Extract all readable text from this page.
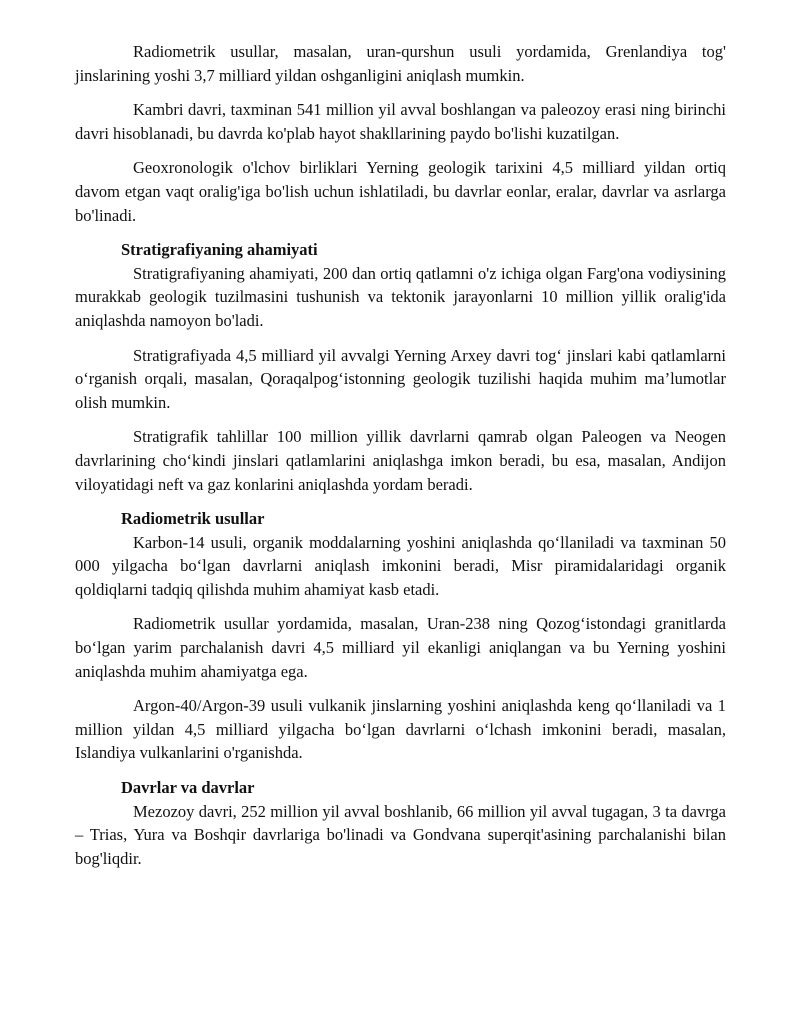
Radiometrik usullar, masalan, uran-qurshun usuli yordamida, Grenlandiya tog' jinslarining yoshi 3,7 milliard yildan oshganligini aniqlash mumkin.

Kambri davri, taxminan 541 million yil avval boshlangan va paleozoy erasi ning birinchi davri hisoblanadi, bu davrda ko'plab hayot shakllarining paydo bo'lishi kuzatilgan.

Geoxronologik o'lchov birliklari Yerning geologik tarixini 4,5 milliard yildan ortiq davom etgan vaqt oralig'iga bo'lish uchun ishlatiladi, bu davrlar eonlar, eralar, davrlar va asrlarga bo'linadi.

Stratigrafiyaning ahamiyati

Stratigrafiyaning ahamiyati, 200 dan ortiq qatlamni o'z ichiga olgan Farg'ona vodiysining murakkab geologik tuzilmasini tushunish va tektonik jarayonlarni 10 million yillik oralig'ida aniqlashda namoyon bo'ladi.

Stratigrafiyada 4,5 milliard yil avvalgi Yerning Arxey davri tog‘ jinslari kabi qatlamlarni o‘rganish orqali, masalan, Qoraqalpog‘istonning geologik tuzilishi haqida muhim ma’lumotlar olish mumkin.

Stratigrafik tahlillar 100 million yillik davrlarni qamrab olgan Paleogen va Neogen davrlarining cho‘kindi jinslari qatlamlarini aniqlashga imkon beradi, bu esa, masalan, Andijon viloyatidagi neft va gaz konlarini aniqlashda yordam beradi.

Radiometrik usullar

Karbon-14 usuli, organik moddalarning yoshini aniqlashda qo‘llaniladi va taxminan 50 000 yilgacha bo‘lgan davrlarni aniqlash imkonini beradi, Misr piramidalaridagi organik qoldiqlarni tadqiq qilishda muhim ahamiyat kasb etadi.

Radiometrik usullar yordamida, masalan, Uran-238 ning Qozog‘istondagi granitlarda bo‘lgan yarim parchalanish davri 4,5 milliard yil ekanligi aniqlangan va bu Yerning yoshini aniqlashda muhim ahamiyatga ega.

Argon-40/Argon-39 usuli vulkanik jinslarning yoshini aniqlashda keng qo‘llaniladi va 1 million yildan 4,5 milliard yilgacha bo‘lgan davrlarni o‘lchash imkonini beradi, masalan, Islandiya vulkanlarini o'rganishda.

Davrlar va davrlar

Mezozoy davri, 252 million yil avval boshlanib, 66 million yil avval tugagan, 3 ta davrga – Trias, Yura va Boshqir davrlariga bo'linadi va Gondvana superqit'asining parchalanishi bilan bog'liqdir.
